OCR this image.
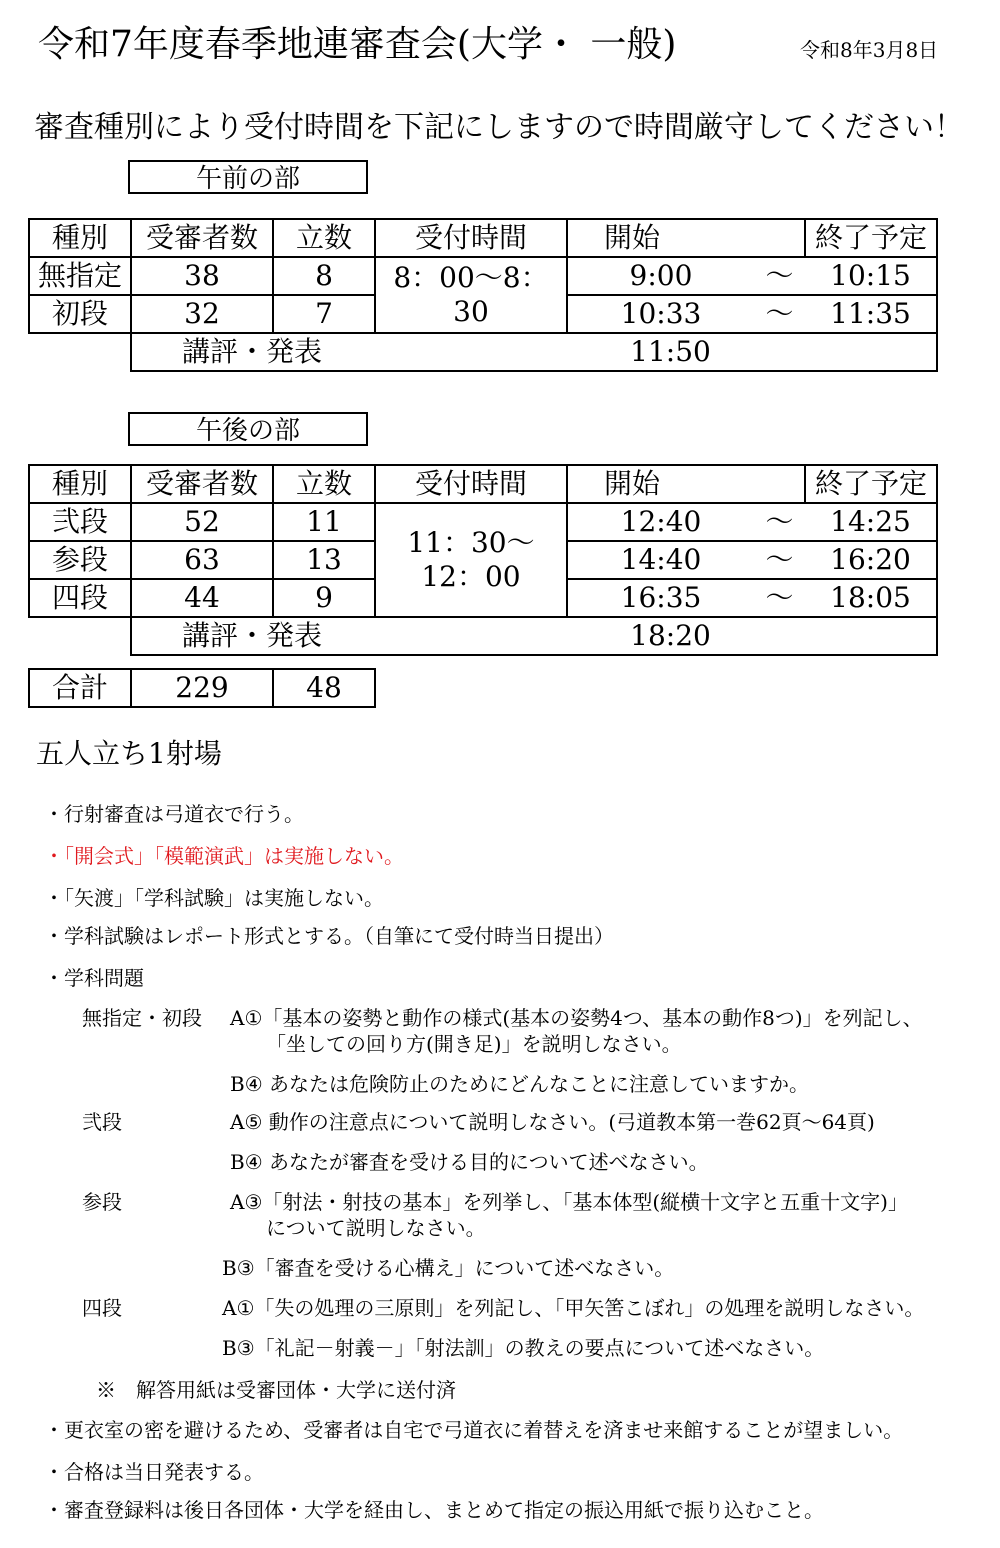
令和7年度春季地連審査会(大学・ 一般)	令和8年3月8日
審査種別により受付時間を下記にしますので時間厳守してください！
午前の部
種別	受審者数	立数	受付時間	開始		終了予定
無指定	38	8	8：00～8：30	9:00	～	10:15
初段	32	7		10:33	～	11:35
	講評・発表			11:50		
午後の部
種別	受審者数	立数	受付時間	開始		終了予定
弐段	52	11	11：30～12：00	12:40	～	14:25
参段	63	13		14:40	～	16:20
四段	44	9		16:35	～	18:05
	講評・発表			18:20		
合計	229	48
五人立ち1射場
・行射審査は弓道衣で行う。
・「開会式」「模範演武」は実施しない。
・「矢渡」「学科試験」は実施しない。
・学科試験はレポート形式とする。（自筆にて受付時当日提出）
・学科問題
無指定・初段 A①「基本の姿勢と動作の様式(基本の姿勢4つ、基本の動作8つ)」を列記し、
「坐しての回り方(開き足)」を説明しなさい。
B④ あなたは危険防止のためにどんなことに注意していますか。
弐段	A⑤ 動作の注意点について説明しなさい。(弓道教本第一巻62頁～64頁)
B④ あなたが審査を受ける目的について述べなさい。
参段	A③「射法・射技の基本」を列挙し、「基本体型(縦横十文字と五重十文字)」
について説明しなさい。
B③「審査を受ける心構え」について述べなさい。
四段	A①「失の処理の三原則」を列記し、「甲矢筈こぼれ」の処理を説明しなさい。
B③「礼記－射義－」「射法訓」の教えの要点について述べなさい。
※　解答用紙は受審団体・大学に送付済
・更衣室の密を避けるため、受審者は自宅で弓道衣に着替えを済ませ来館することが望ましい。
・合格は当日発表する。
・審査登録料は後日各団体・大学を経由し、まとめて指定の振込用紙で振り込むこと。
